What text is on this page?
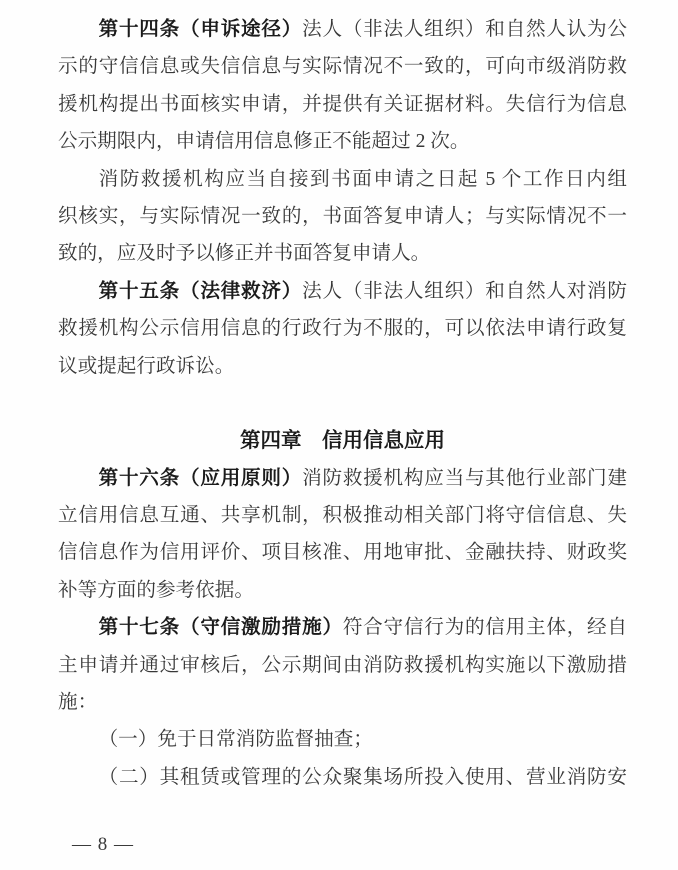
第十四条（申诉途径）法人（非法人组织）和自然人认为公
示的守信信息或失信信息与实际情况不一致的，可向市级消防救
援机构提出书面核实申请，并提供有关证据材料。失信行为信息
公示期限内，申请信用信息修正不能超过 2 次。
消防救援机构应当自接到书面申请之日起 5 个工作日内组
织核实，与实际情况一致的，书面答复申请人；与实际情况不一
致的，应及时予以修正并书面答复申请人。
第十五条（法律救济）法人（非法人组织）和自然人对消防
救援机构公示信用信息的行政行为不服的，可以依法申请行政复
议或提起行政诉讼。
第四章　信用信息应用
第十六条（应用原则）消防救援机构应当与其他行业部门建
立信用信息互通、共享机制，积极推动相关部门将守信信息、失
信信息作为信用评价、项目核准、用地审批、金融扶持、财政奖
补等方面的参考依据。
第十七条（守信激励措施）符合守信行为的信用主体，经自
主申请并通过审核后，公示期间由消防救援机构实施以下激励措
施：
（一）免于日常消防监督抽查；
（二）其租赁或管理的公众聚集场所投入使用、营业消防安
— 8 —
